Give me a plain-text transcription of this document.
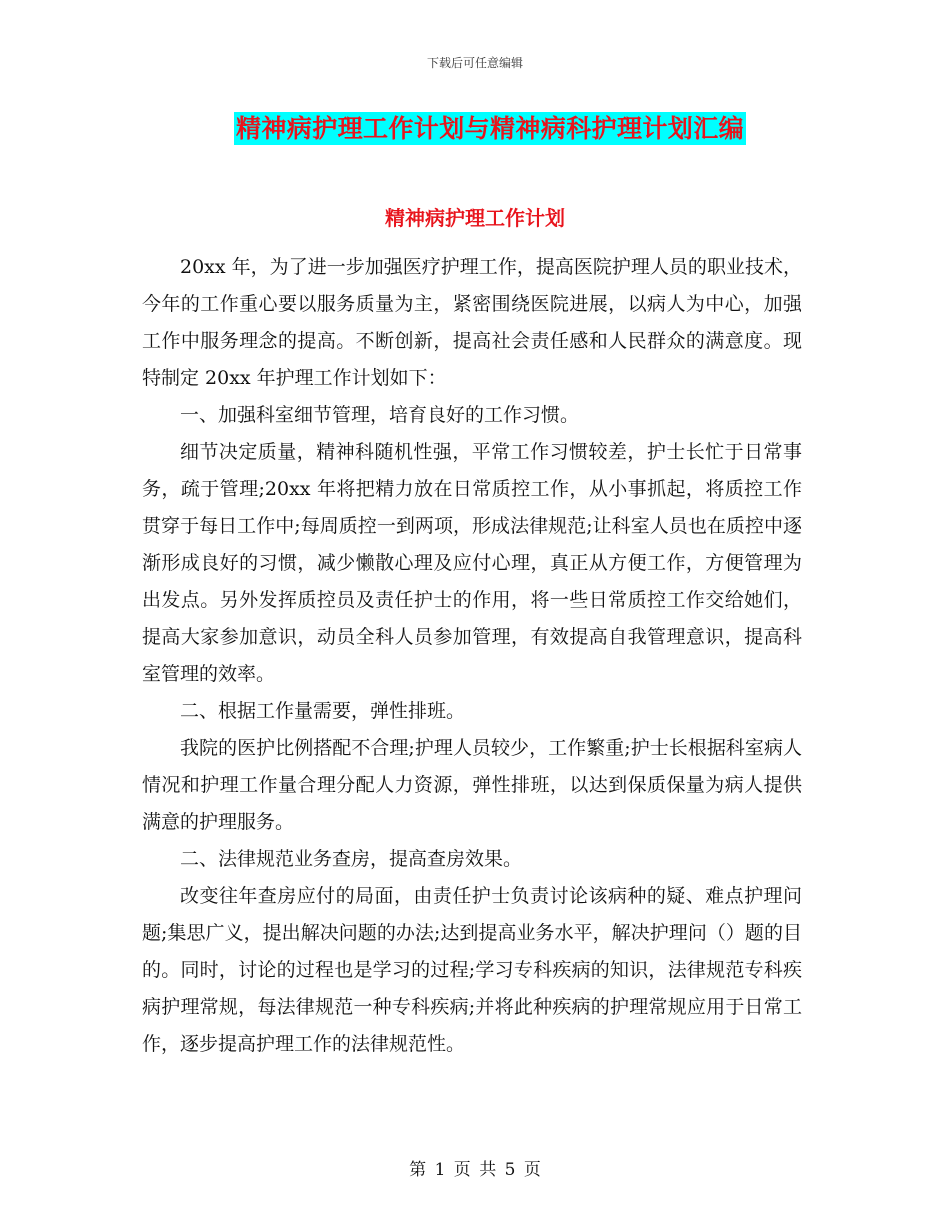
下载后可任意编辑
精神病护理工作计划与精神病科护理计划汇编
精神病护理工作计划

20xx 年，为了进一步加强医疗护理工作，提高医院护理人员的职业技术，今年的工作重心要以服务质量为主，紧密围绕医院进展，以病人为中心，加强工作中服务理念的提高。不断创新，提高社会责任感和人民群众的满意度。现特制定 20xx 年护理工作计划如下：

一、加强科室细节管理，培育良好的工作习惯。

细节决定质量，精神科随机性强，平常工作习惯较差，护士长忙于日常事务，疏于管理;20xx 年将把精力放在日常质控工作，从小事抓起，将质控工作贯穿于每日工作中;每周质控一到两项，形成法律规范;让科室人员也在质控中逐渐形成良好的习惯，减少懒散心理及应付心理，真正从方便工作，方便管理为出发点。另外发挥质控员及责任护士的作用，将一些日常质控工作交给她们，提高大家参加意识，动员全科人员参加管理，有效提高自我管理意识，提高科室管理的效率。

二、根据工作量需要，弹性排班。

我院的医护比例搭配不合理;护理人员较少，工作繁重;护士长根据科室病人情况和护理工作量合理分配人力资源，弹性排班，以达到保质保量为病人提供满意的护理服务。

二、法律规范业务查房，提高查房效果。

改变往年查房应付的局面，由责任护士负责讨论该病种的疑、难点护理问题;集思广义，提出解决问题的办法;达到提高业务水平，解决护理问（）题的目的。同时，讨论的过程也是学习的过程;学习专科疾病的知识，法律规范专科疾病护理常规，每法律规范一种专科疾病;并将此种疾病的护理常规应用于日常工作，逐步提高护理工作的法律规范性。

第 1 页 共 5 页
